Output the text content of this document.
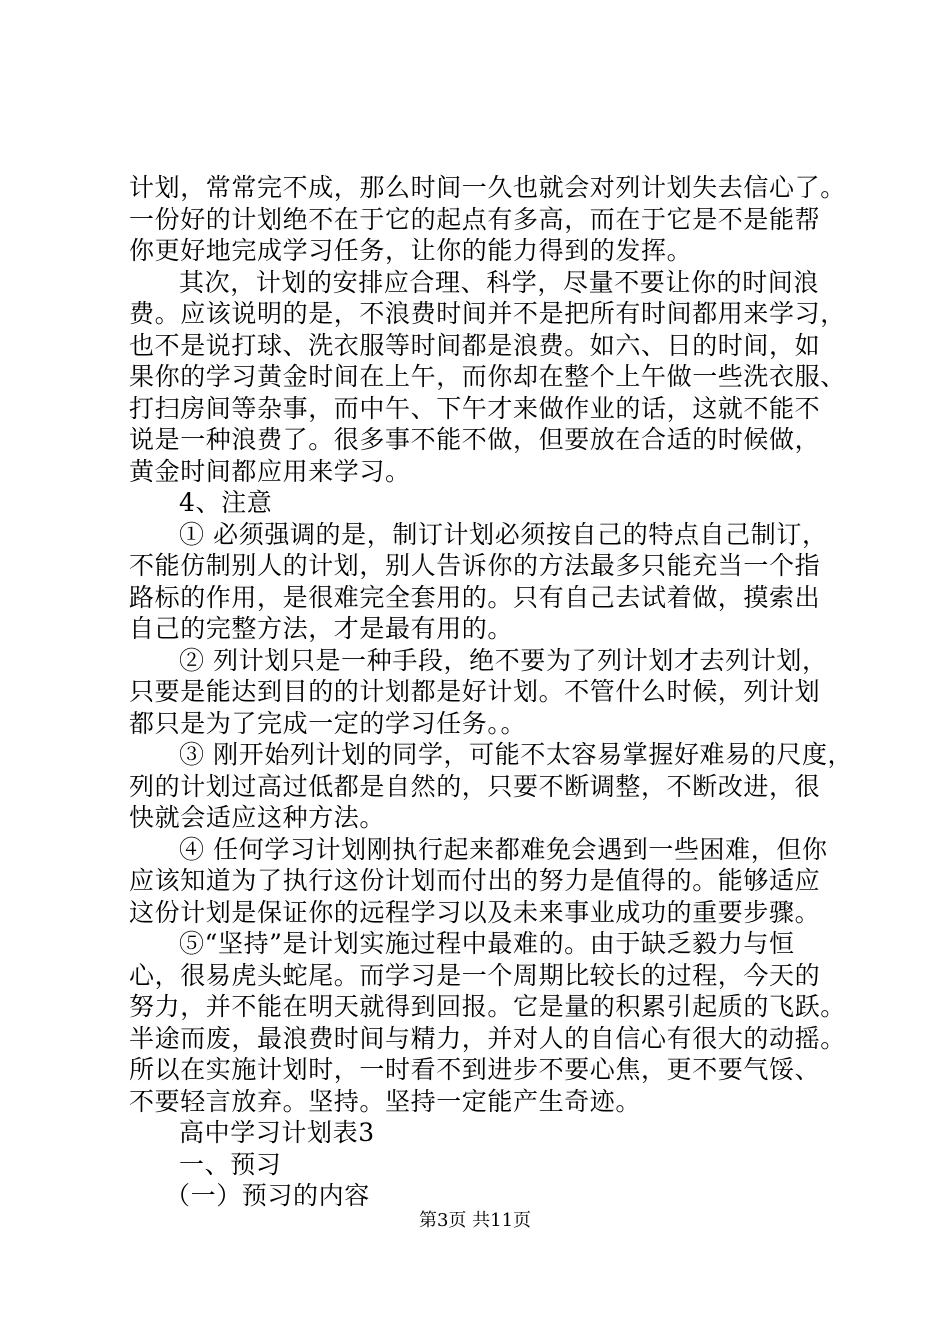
计划，常常完不成，那么时间一久也就会对列计划失去信心了。
一份好的计划绝不在于它的起点有多高，而在于它是不是能帮
你更好地完成学习任务，让你的能力得到的发挥。
其次，计划的安排应合理、科学，尽量不要让你的时间浪
费。应该说明的是，不浪费时间并不是把所有时间都用来学习，
也不是说打球、洗衣服等时间都是浪费。如六、日的时间，如
果你的学习黄金时间在上午，而你却在整个上午做一些洗衣服、
打扫房间等杂事，而中午、下午才来做作业的话，这就不能不
说是一种浪费了。很多事不能不做，但要放在合适的时候做，
黄金时间都应用来学习。
4、注意
① 必须强调的是，制订计划必须按自己的特点自己制订，
不能仿制别人的计划，别人告诉你的方法最多只能充当一个指
路标的作用，是很难完全套用的。只有自己去试着做，摸索出
自己的完整方法，才是最有用的。
② 列计划只是一种手段，绝不要为了列计划才去列计划，
只要是能达到目的的计划都是好计划。不管什么时候，列计划
都只是为了完成一定的学习任务。。
③ 刚开始列计划的同学，可能不太容易掌握好难易的尺度，
列的计划过高过低都是自然的，只要不断调整，不断改进，很
快就会适应这种方法。
④ 任何学习计划刚执行起来都难免会遇到一些困难，但你
应该知道为了执行这份计划而付出的努力是值得的。能够适应
这份计划是保证你的远程学习以及未来事业成功的重要步骤。
⑤“坚持”是计划实施过程中最难的。由于缺乏毅力与恒
心，很易虎头蛇尾。而学习是一个周期比较长的过程，今天的
努力，并不能在明天就得到回报。它是量的积累引起质的飞跃。
半途而废，最浪费时间与精力，并对人的自信心有很大的动摇。
所以在实施计划时，一时看不到进步不要心焦，更不要气馁、
不要轻言放弃。坚持。坚持一定能产生奇迹。
高中学习计划表3
一、预习
（一）预习的内容
第3页 共11页
